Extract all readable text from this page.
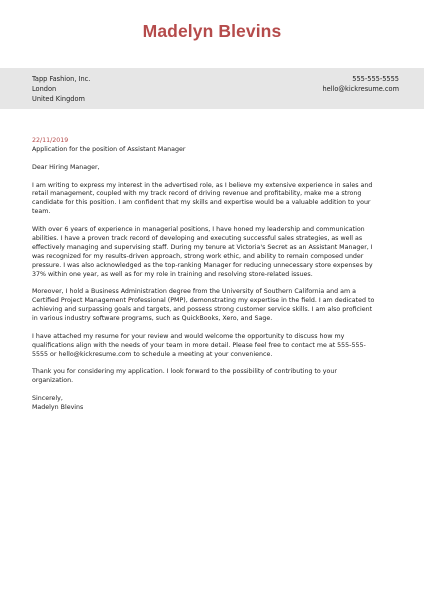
Madelyn Blevins
Tapp Fashion, Inc.
London
United Kingdom
555-555-5555
hello@kickresume.com

22/11/2019

Application for the position of Assistant Manager

Dear Hiring Manager,

I am writing to express my interest in the advertised role, as I believe my extensive experience in sales and retail management, coupled with my track record of driving revenue and profitability, make me a strong candidate for this position. I am confident that my skills and expertise would be a valuable addition to your team.

With over 6 years of experience in managerial positions, I have honed my leadership and communication abilities. I have a proven track record of developing and executing successful sales strategies, as well as effectively managing and supervising staff. During my tenure at Victoria's Secret as an Assistant Manager, I was recognized for my results-driven approach, strong work ethic, and ability to remain composed under pressure. I was also acknowledged as the top-ranking Manager for reducing unnecessary store expenses by 37% within one year, as well as for my role in training and resolving store-related issues.

Moreover, I hold a Business Administration degree from the University of Southern California and am a Certified Project Management Professional (PMP), demonstrating my expertise in the field. I am dedicated to achieving and surpassing goals and targets, and possess strong customer service skills. I am also proficient in various industry software programs, such as QuickBooks, Xero, and Sage.

I have attached my resume for your review and would welcome the opportunity to discuss how my qualifications align with the needs of your team in more detail. Please feel free to contact me at 555-555-5555 or hello@kickresume.com to schedule a meeting at your convenience.

Thank you for considering my application. I look forward to the possibility of contributing to your organization.

Sincerely,

Madelyn Blevins
